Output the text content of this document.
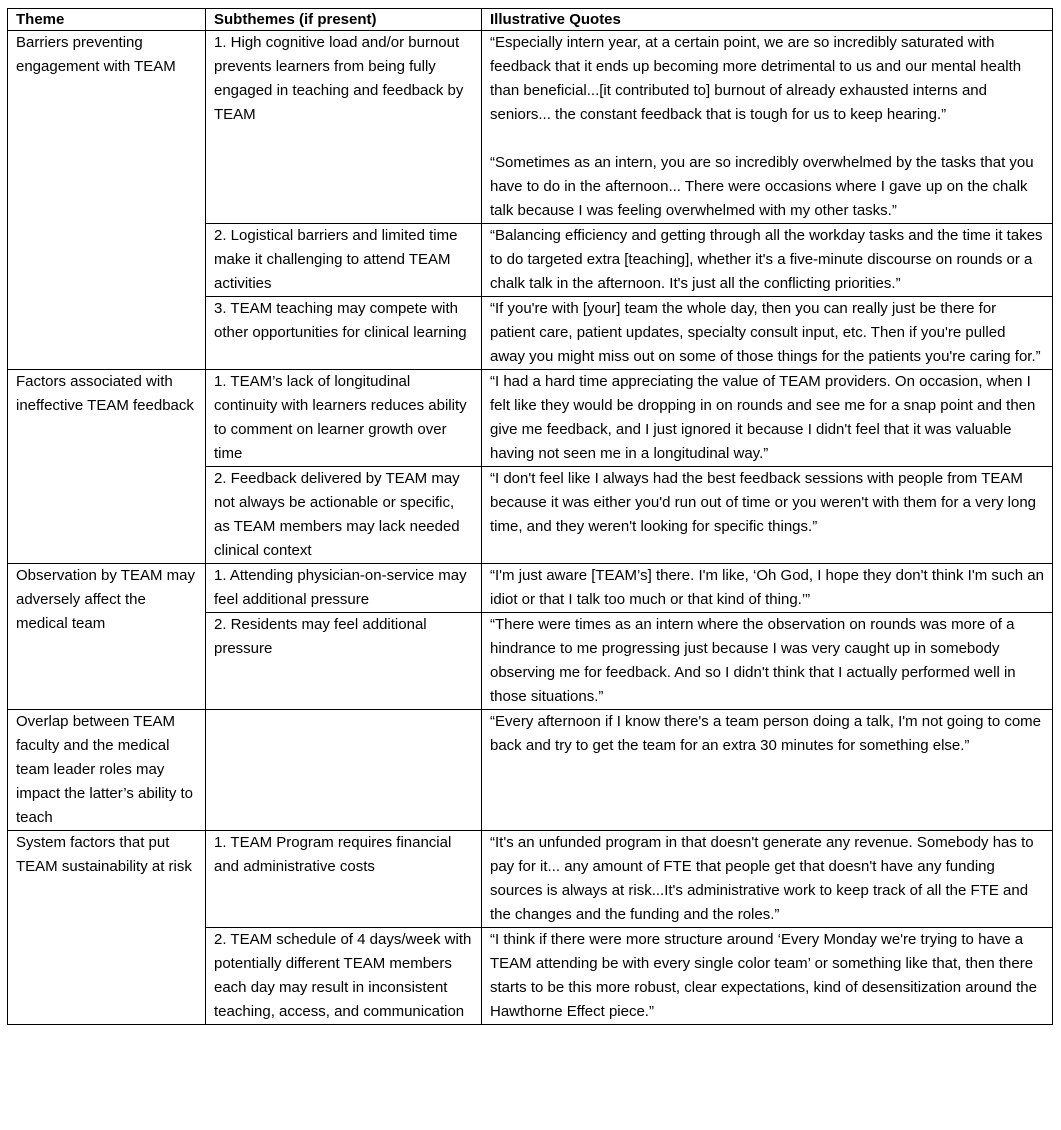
Theme	Subthemes (if present)	Illustrative Quotes
Barriers preventing engagement with TEAM	1. High cognitive load and/or burnout prevents learners from being fully engaged in teaching and feedback by TEAM	“Especially intern year, at a certain point, we are so incredibly saturated with feedback that it ends up becoming more detrimental to us and our mental health than beneficial...[it contributed to] burnout of already exhausted interns and seniors... the constant feedback that is tough for us to keep hearing.”
“Sometimes as an intern, you are so incredibly overwhelmed by the tasks that you have to do in the afternoon... There were occasions where I gave up on the chalk talk because I was feeling overwhelmed with my other tasks.”

	2. Logistical barriers and limited time make it challenging to attend TEAM activities	“Balancing efficiency and getting through all the workday tasks and the time it takes to do targeted extra [teaching], whether it's a five-minute discourse on rounds or a chalk talk in the afternoon. It's just all the conflicting priorities.”

	3. TEAM teaching may compete with other opportunities for clinical learning	“If you're with [your] team the whole day, then you can really just be there for patient care, patient updates, specialty consult input, etc. Then if you're pulled away you might miss out on some of those things for the patients you're caring for.”

Factors associated with ineffective TEAM feedback	1. TEAM’s lack of longitudinal continuity with learners reduces ability to comment on learner growth over time	“I had a hard time appreciating the value of TEAM providers. On occasion, when I felt like they would be dropping in on rounds and see me for a snap point and then give me feedback, and I just ignored it because I didn't feel that it was valuable having not seen me in a longitudinal way.”

	2. Feedback delivered by TEAM may not always be actionable or specific, as TEAM members may lack needed clinical context	“I don't feel like I always had the best feedback sessions with people from TEAM because it was either you'd run out of time or you weren't with them for a very long time, and they weren't looking for specific things.”

Observation by TEAM may adversely affect the medical team	1. Attending physician-on-service may feel additional pressure	“I'm just aware [TEAM’s] there. I'm like, ‘Oh God, I hope they don't think I'm such an idiot or that I talk too much or that kind of thing.’”

	2. Residents may feel additional pressure	“There were times as an intern where the observation on rounds was more of a hindrance to me progressing just because I was very caught up in somebody observing me for feedback. And so I didn't think that I actually performed well in those situations.”

Overlap between TEAM faculty and the medical team leader roles may impact the latter’s ability to teach		“Every afternoon if I know there's a team person doing a talk, I'm not going to come back and try to get the team for an extra 30 minutes for something else.”

System factors that put TEAM sustainability at risk	1. TEAM Program requires financial and administrative costs	“It's an unfunded program in that doesn't generate any revenue. Somebody has to pay for it... any amount of FTE that people get that doesn't have any funding sources is always at risk...It's administrative work to keep track of all the FTE and the changes and the funding and the roles.”

	2. TEAM schedule of 4 days/week with potentially different TEAM members each day may result in inconsistent teaching, access, and communication	“I think if there were more structure around ‘Every Monday we're trying to have a TEAM attending be with every single color team’ or something like that, then there starts to be this more robust, clear expectations, kind of desensitization around the Hawthorne Effect piece.”
